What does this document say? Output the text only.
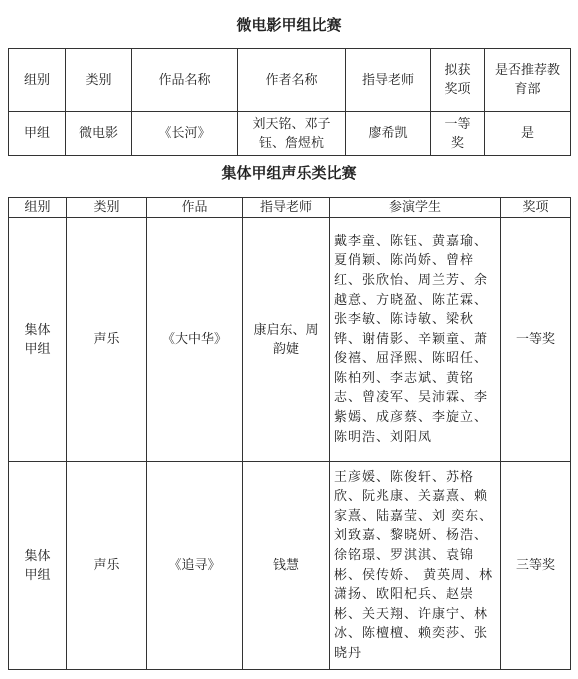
微电影甲组比赛
组别	类别	作品名称	作者名称	指导老师	拟获奖项	是否推荐教育部
甲组	微电影	《长河》	刘天铭、邓子钰、詹煜杭	廖希凯	一等奖	是
集体甲组声乐类比赛
组别	类别	作品	指导老师	参演学生	奖项
集体甲组	声乐	《大中华》	康启东、周韵婕	戴李童、陈钰、黄嘉瑜、夏俏颖、陈尚娇、曾梓红、张欣怡、周兰芳、余越意、方晓盈、陈芷霖、张李敏、陈诗敏、梁秋铧、谢倩影、辛颖童、萧俊禧、屈泽熙、陈昭任、陈柏列、李志斌、黄铭志、曾凌军、吴沛霖、李紫嫣、成彦蔡、李旋立、陈明浩、刘阳凤	一等奖
集体甲组	声乐	《追寻》	钱慧	王彦媛、陈俊轩、苏格欣、阮兆康、关嘉熹、赖家熹、陆嘉莹、刘 奕东、刘致嘉、黎晓妍、杨浩、徐铭璟、罗淇淇、袁锦彬、侯传娇、 黄英周、林潇扬、欧阳杞兵、赵崇彬、关天翔、许康宁、林冰、陈檀檀、赖奕莎、张晓丹	三等奖
